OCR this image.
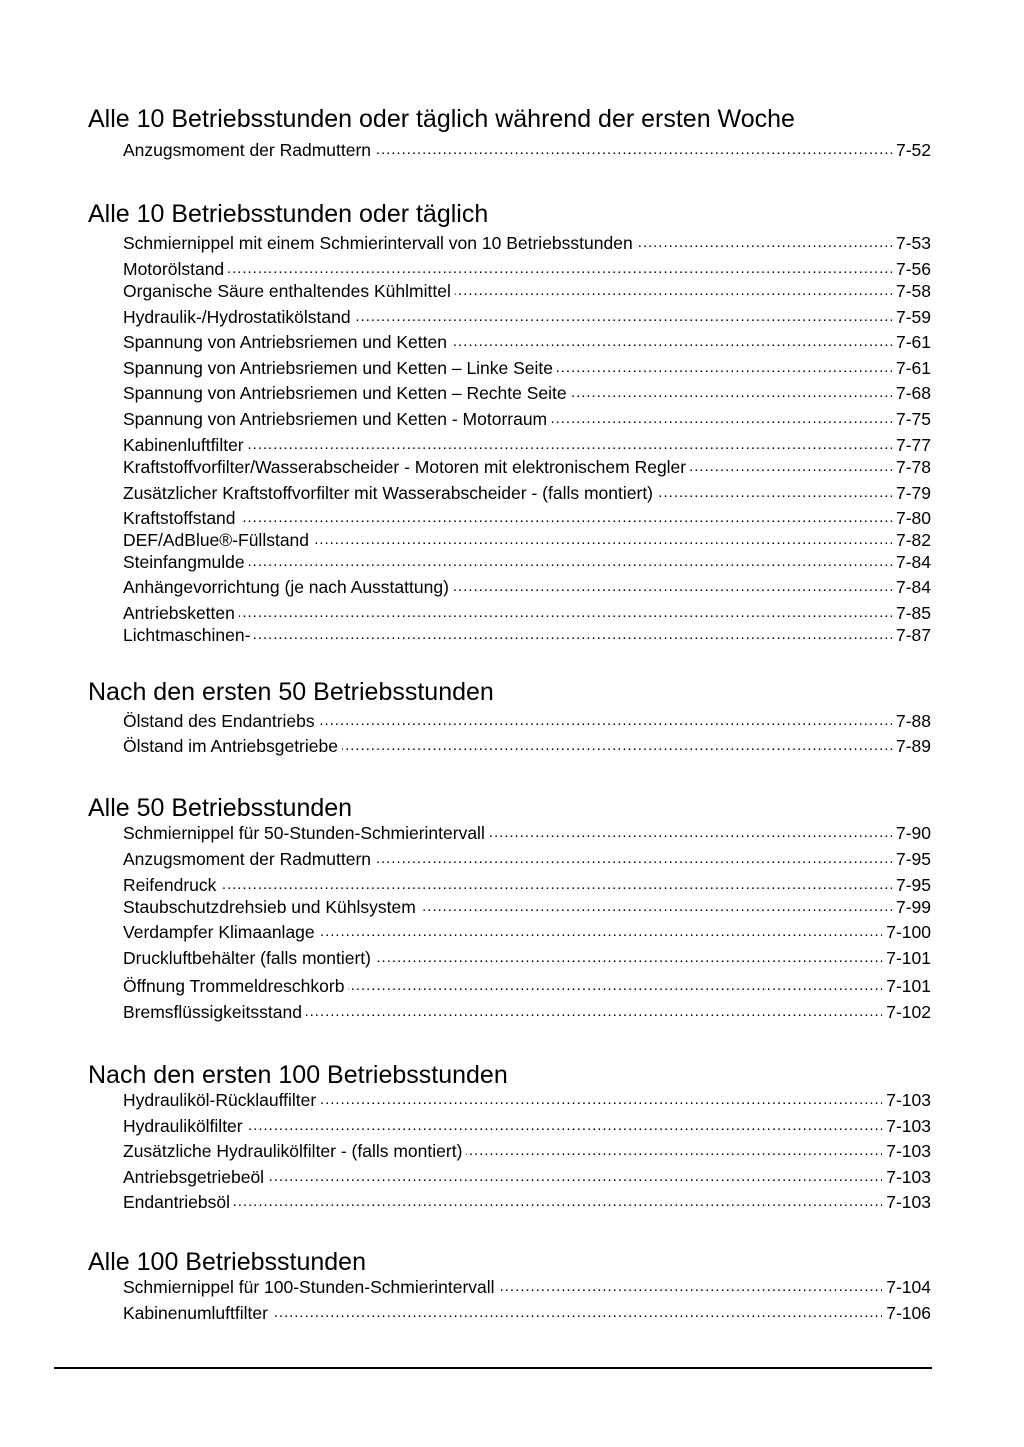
Alle 10 Betriebsstunden oder täglich während der ersten Woche
Anzugsmoment der Radmuttern . . .	7-52
Alle 10 Betriebsstunden oder täglich
Schmiernippel mit einem Schmierintervall von 10 Betriebsstunden . . .	7-53
Motorölstand . . .	7-56
Organische Säure enthaltendes Kühlmittel . . .	7-58
Hydraulik-/Hydrostatikölstand . . .	7-59
Spannung von Antriebsriemen und Ketten . . .	7-61
Spannung von Antriebsriemen und Ketten – Linke Seite . . .	7-61
Spannung von Antriebsriemen und Ketten – Rechte Seite . . .	7-68
Spannung von Antriebsriemen und Ketten - Motorraum . . .	7-75
Kabinenluftfilter . . .	7-77
Kraftstoffvorfilter/Wasserabscheider - Motoren mit elektronischem Regler . . .	7-78
Zusätzlicher Kraftstoffvorfilter mit Wasserabscheider - (falls montiert) . . .	7-79
Kraftstoffstand . . .	7-80
DEF/AdBlue®-Füllstand . . .	7-82
Steinfangmulde . . .	7-84
Anhängevorrichtung (je nach Ausstattung) . . .	7-84
Antriebsketten . . .	7-85
Lichtmaschinen- . . .	7-87
Nach den ersten 50 Betriebsstunden
Ölstand des Endantriebs . . .	7-88
Ölstand im Antriebsgetriebe . . .	7-89
Alle 50 Betriebsstunden
Schmiernippel für 50-Stunden-Schmierintervall . . .	7-90
Anzugsmoment der Radmuttern . . .	7-95
Reifendruck . . .	7-95
Staubschutzdrehsieb und Kühlsystem . . .	7-99
Verdampfer Klimaanlage . . .	7-100
Druckluftbehälter (falls montiert) . . .	7-101
Öffnung Trommeldreschkorb . . .	7-101
Bremsflüssigkeitsstand . . .	7-102
Nach den ersten 100 Betriebsstunden
Hydrauliköl-Rücklauffilter . . .	7-103
Hydraulikölfilter . . .	7-103
Zusätzliche Hydraulikölfilter - (falls montiert) . . .	7-103
Antriebsgetriebeöl . . .	7-103
Endantriebsöl . . .	7-103
Alle 100 Betriebsstunden
Schmiernippel für 100-Stunden-Schmierintervall . . .	7-104
Kabinenumluftfilter . . .	7-106
